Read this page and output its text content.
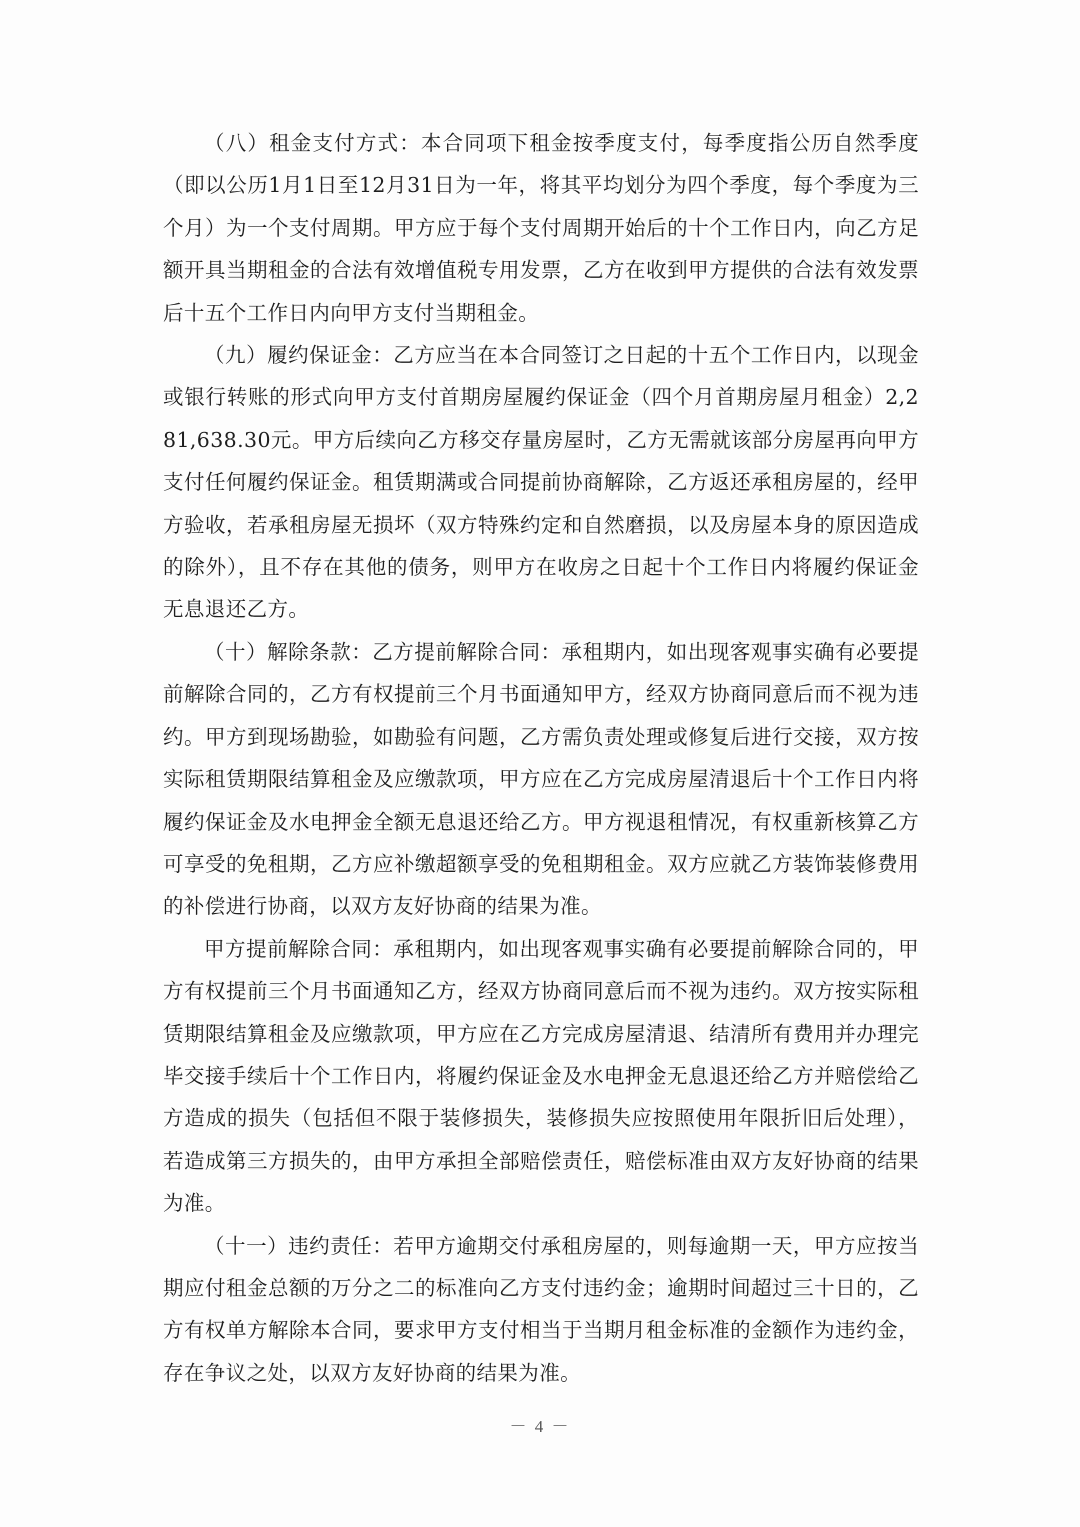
（八）租金支付方式：本合同项下租金按季度支付，每季度指公历自然季度（即以公历1月1日至12月31日为一年，将其平均划分为四个季度，每个季度为三个月）为一个支付周期。甲方应于每个支付周期开始后的十个工作日内，向乙方足额开具当期租金的合法有效增值税专用发票，乙方在收到甲方提供的合法有效发票后十五个工作日内向甲方支付当期租金。

（九）履约保证金：乙方应当在本合同签订之日起的十五个工作日内，以现金或银行转账的形式向甲方支付首期房屋履约保证金（四个月首期房屋月租金）2,281,638.30元。甲方后续向乙方移交存量房屋时，乙方无需就该部分房屋再向甲方支付任何履约保证金。租赁期满或合同提前协商解除，乙方返还承租房屋的，经甲方验收，若承租房屋无损坏（双方特殊约定和自然磨损，以及房屋本身的原因造成的除外），且不存在其他的债务，则甲方在收房之日起十个工作日内将履约保证金无息退还乙方。

（十）解除条款：乙方提前解除合同：承租期内，如出现客观事实确有必要提前解除合同的，乙方有权提前三个月书面通知甲方，经双方协商同意后而不视为违约。甲方到现场勘验，如勘验有问题，乙方需负责处理或修复后进行交接，双方按实际租赁期限结算租金及应缴款项，甲方应在乙方完成房屋清退后十个工作日内将履约保证金及水电押金全额无息退还给乙方。甲方视退租情况，有权重新核算乙方可享受的免租期，乙方应补缴超额享受的免租期租金。双方应就乙方装饰装修费用的补偿进行协商，以双方友好协商的结果为准。

甲方提前解除合同：承租期内，如出现客观事实确有必要提前解除合同的，甲方有权提前三个月书面通知乙方，经双方协商同意后而不视为违约。双方按实际租赁期限结算租金及应缴款项，甲方应在乙方完成房屋清退、结清所有费用并办理完毕交接手续后十个工作日内，将履约保证金及水电押金无息退还给乙方并赔偿给乙方造成的损失（包括但不限于装修损失，装修损失应按照使用年限折旧后处理），若造成第三方损失的，由甲方承担全部赔偿责任，赔偿标准由双方友好协商的结果为准。

（十一）违约责任：若甲方逾期交付承租房屋的，则每逾期一天，甲方应按当期应付租金总额的万分之二的标准向乙方支付违约金；逾期时间超过三十日的，乙方有权单方解除本合同，要求甲方支付相当于当期月租金标准的金额作为违约金，存在争议之处，以双方友好协商的结果为准。

－ 4 －
